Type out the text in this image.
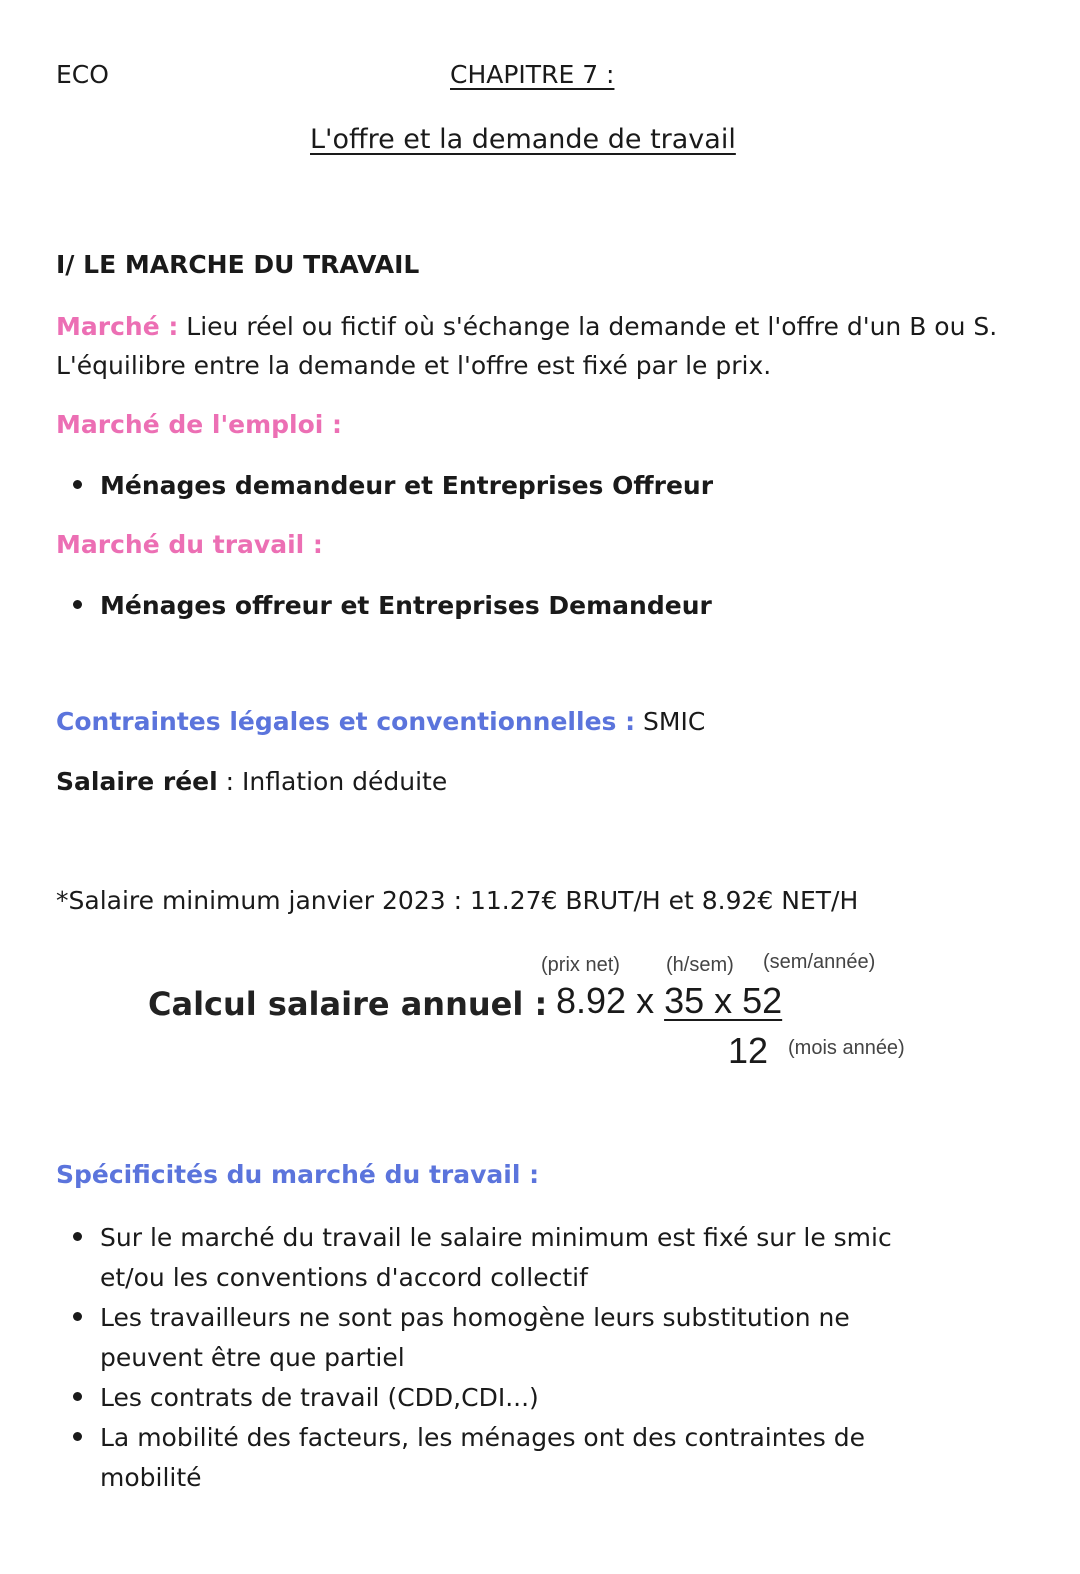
ECO	CHAPITRE 7 :
L'offre et la demande de travail
I/ LE MARCHE DU TRAVAIL
Marché : Lieu réel ou fictif où s'échange la demande et l'offre d'un B ou S.
L'équilibre entre la demande et l'offre est fixé par le prix.
Marché de l'emploi :
Ménages demandeur et Entreprises Offreur
Marché du travail :
Ménages offreur et Entreprises Demandeur
Contraintes légales et conventionnelles : SMIC
Salaire réel : Inflation déduite
*Salaire minimum janvier 2023 : 11.27€ BRUT/H et 8.92€ NET/H
(prix net) (h/sem) (sem/année)
Calcul salaire annuel : 8.92 x 35 x 52
12 (mois année)
Spécificités du marché du travail :
Sur le marché du travail le salaire minimum est fixé sur le smic
et/ou les conventions d'accord collectif
Les travailleurs ne sont pas homogène leurs substitution ne
peuvent être que partiel
Les contrats de travail (CDD,CDI...)
La mobilité des facteurs, les ménages ont des contraintes de
mobilité
